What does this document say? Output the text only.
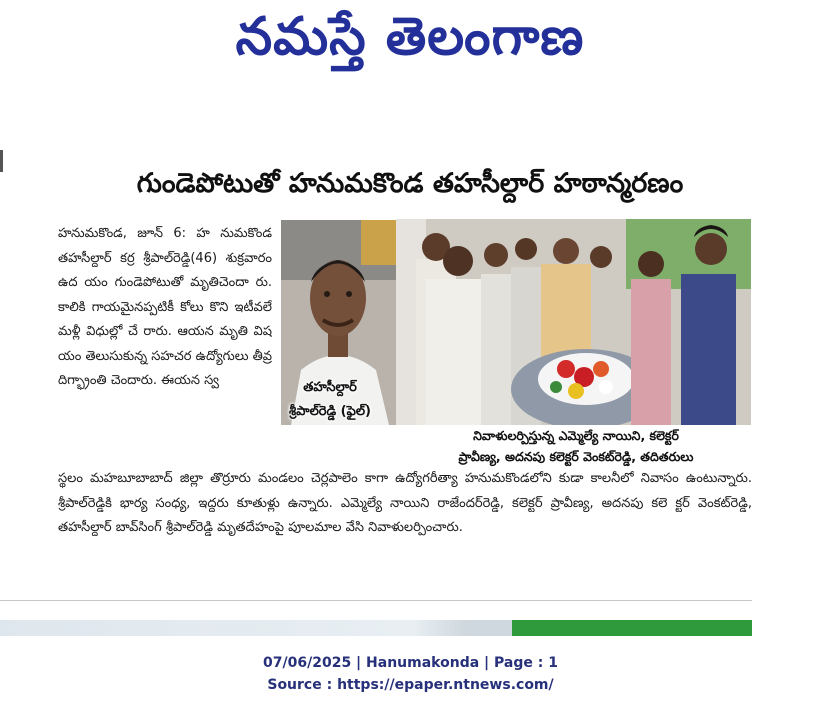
నమస్తే తెలంగాణ
గుండెపోటుతో హనుమకొండ తహసీల్దార్ హఠాన్మరణం
హనుమకొండ, జూన్ 6: హ నుమకొండ తహసీల్దార్ కర్ర శ్రీపాల్‌రెడ్డి(46) శుక్రవారం ఉద యం గుండెపోటుతో మృతిచెందా రు. కాలికి గాయమైనప్పటికీ కోలు కొని ఇటీవలే మళ్లీ విధుల్లో చే రారు. ఆయన మృతి విష యం తెలుసుకున్న సహచర ఉద్యోగులు తీవ్ర దిగ్భ్రాంతి చెందారు. ఈయన స్వ	తహసీల్దార్
శ్రీపాల్‌రెడ్డి (ఫైల్)
నివాళులర్పిస్తున్న ఎమ్మెల్యే నాయిని, కలెక్టర్
ప్రావీణ్య, అదనపు కలెక్టర్ వెంకట్‌రెడ్డి, తదితరులు
స్థలం మహబూబాబాద్ జిల్లా తొర్రూరు మండలం చెర్లపాలెం కాగా ఉద్యోగరీత్యా హనుమకొండలోని కుడా కాలనీలో నివాసం ఉంటున్నారు. శ్రీపాల్‌రెడ్డికి భార్య సంధ్య, ఇద్దరు కూతుళ్లు ఉన్నారు. ఎమ్మెల్యే నాయిని రాజేందర్‌రెడ్డి, కలెక్టర్ ప్రావీణ్య, అదనపు కలె క్టర్ వెంకట్‌రెడ్డి, తహసీల్దార్ బావ్‌సింగ్ శ్రీపాల్‌రెడ్డి మృతదేహంపై పూలమాల వేసి నివాళులర్పించారు.
07/06/2025 | Hanumakonda | Page : 1
Source : https://epaper.ntnews.com/
